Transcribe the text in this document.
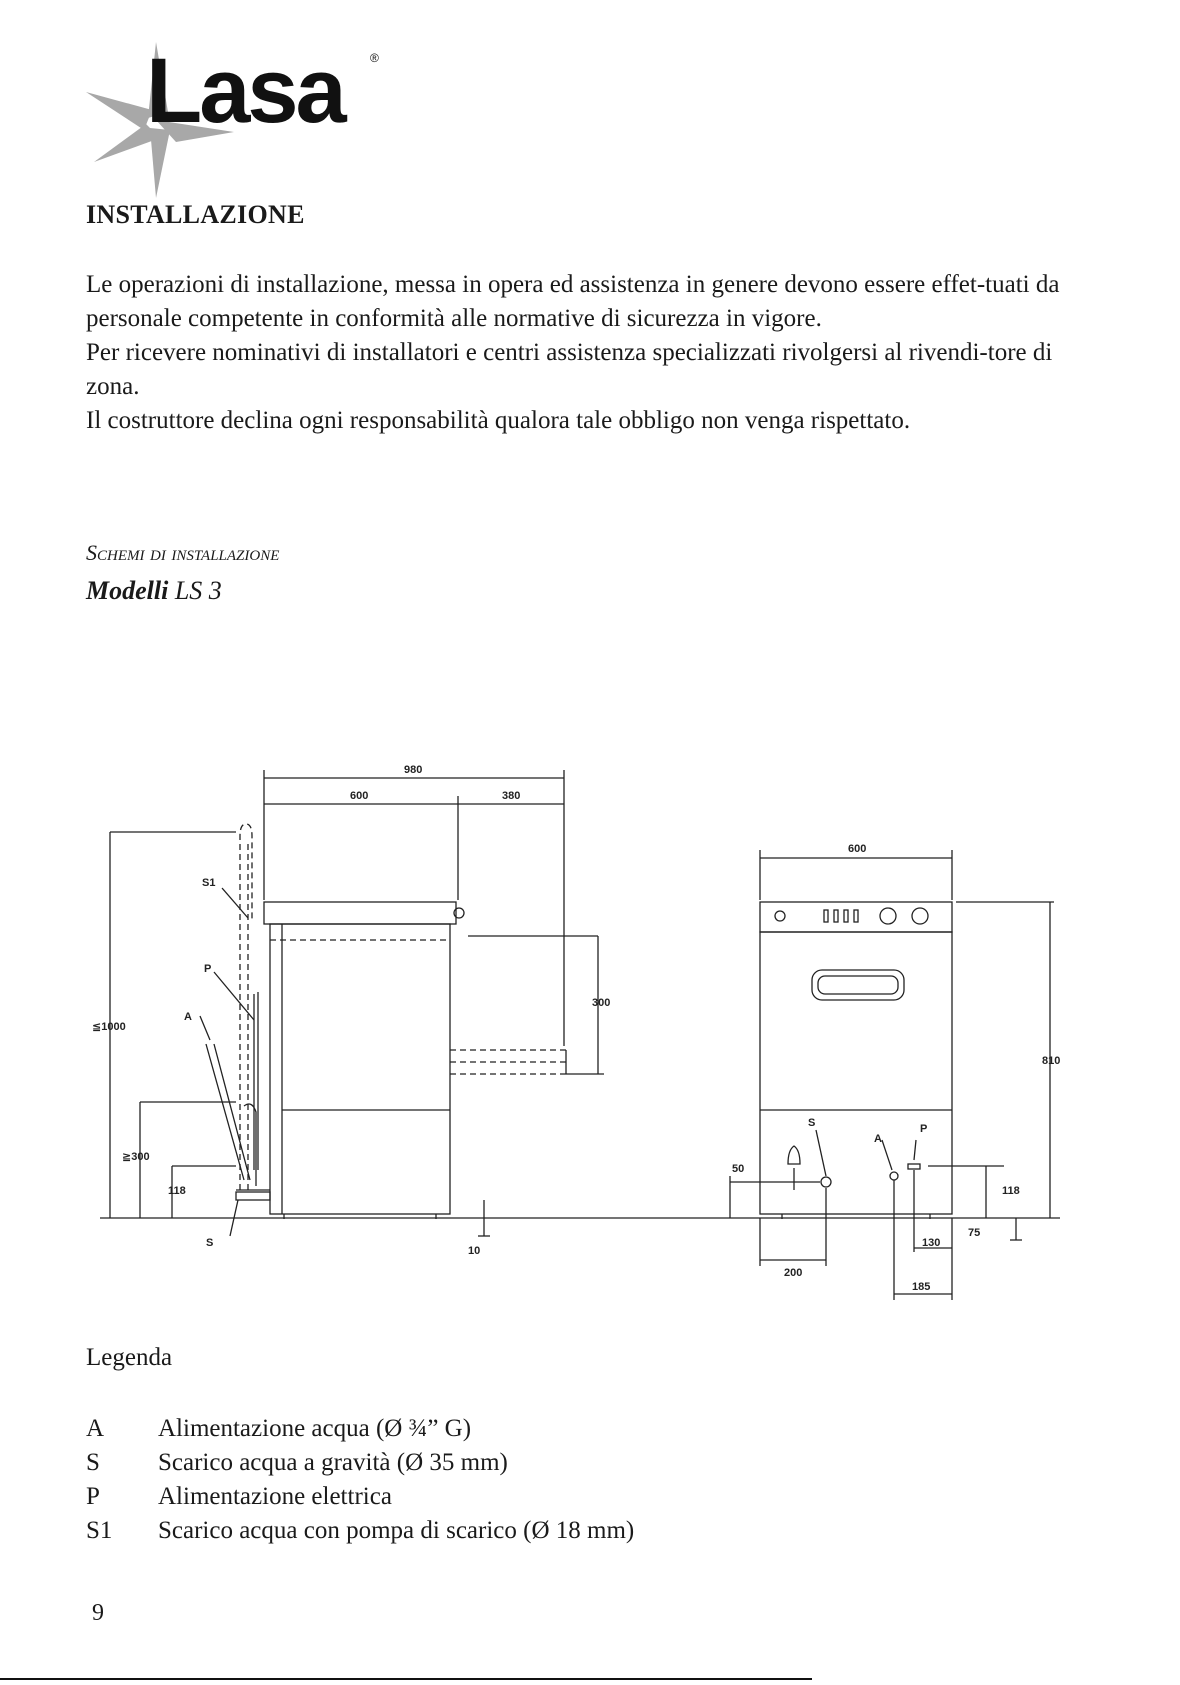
Lasa	®
INSTALLAZIONE

Le operazioni di installazione, messa in opera ed assistenza in genere devono essere effet-tuati da personale competente in conformità alle normative di sicurezza in vigore.

Per ricevere nominativi di installatori e centri assistenza specializzati rivolgersi al rivendi-tore di zona.

Il costruttore declina ogni responsabilità qualora tale obbligo non venga rispettato.

Schemi di installazione
Modelli LS 3
980
600	380
300
≦1000
≧300
118
10
S1
P
A
S
600
810
50
200
118
130
185
75
S
A
P
Legenda
A	Alimentazione acqua (Ø ¾” G)
S	Scarico acqua a gravità (Ø 35 mm)
P	Alimentazione elettrica
S1	Scarico acqua con pompa di scarico (Ø 18 mm)
9
